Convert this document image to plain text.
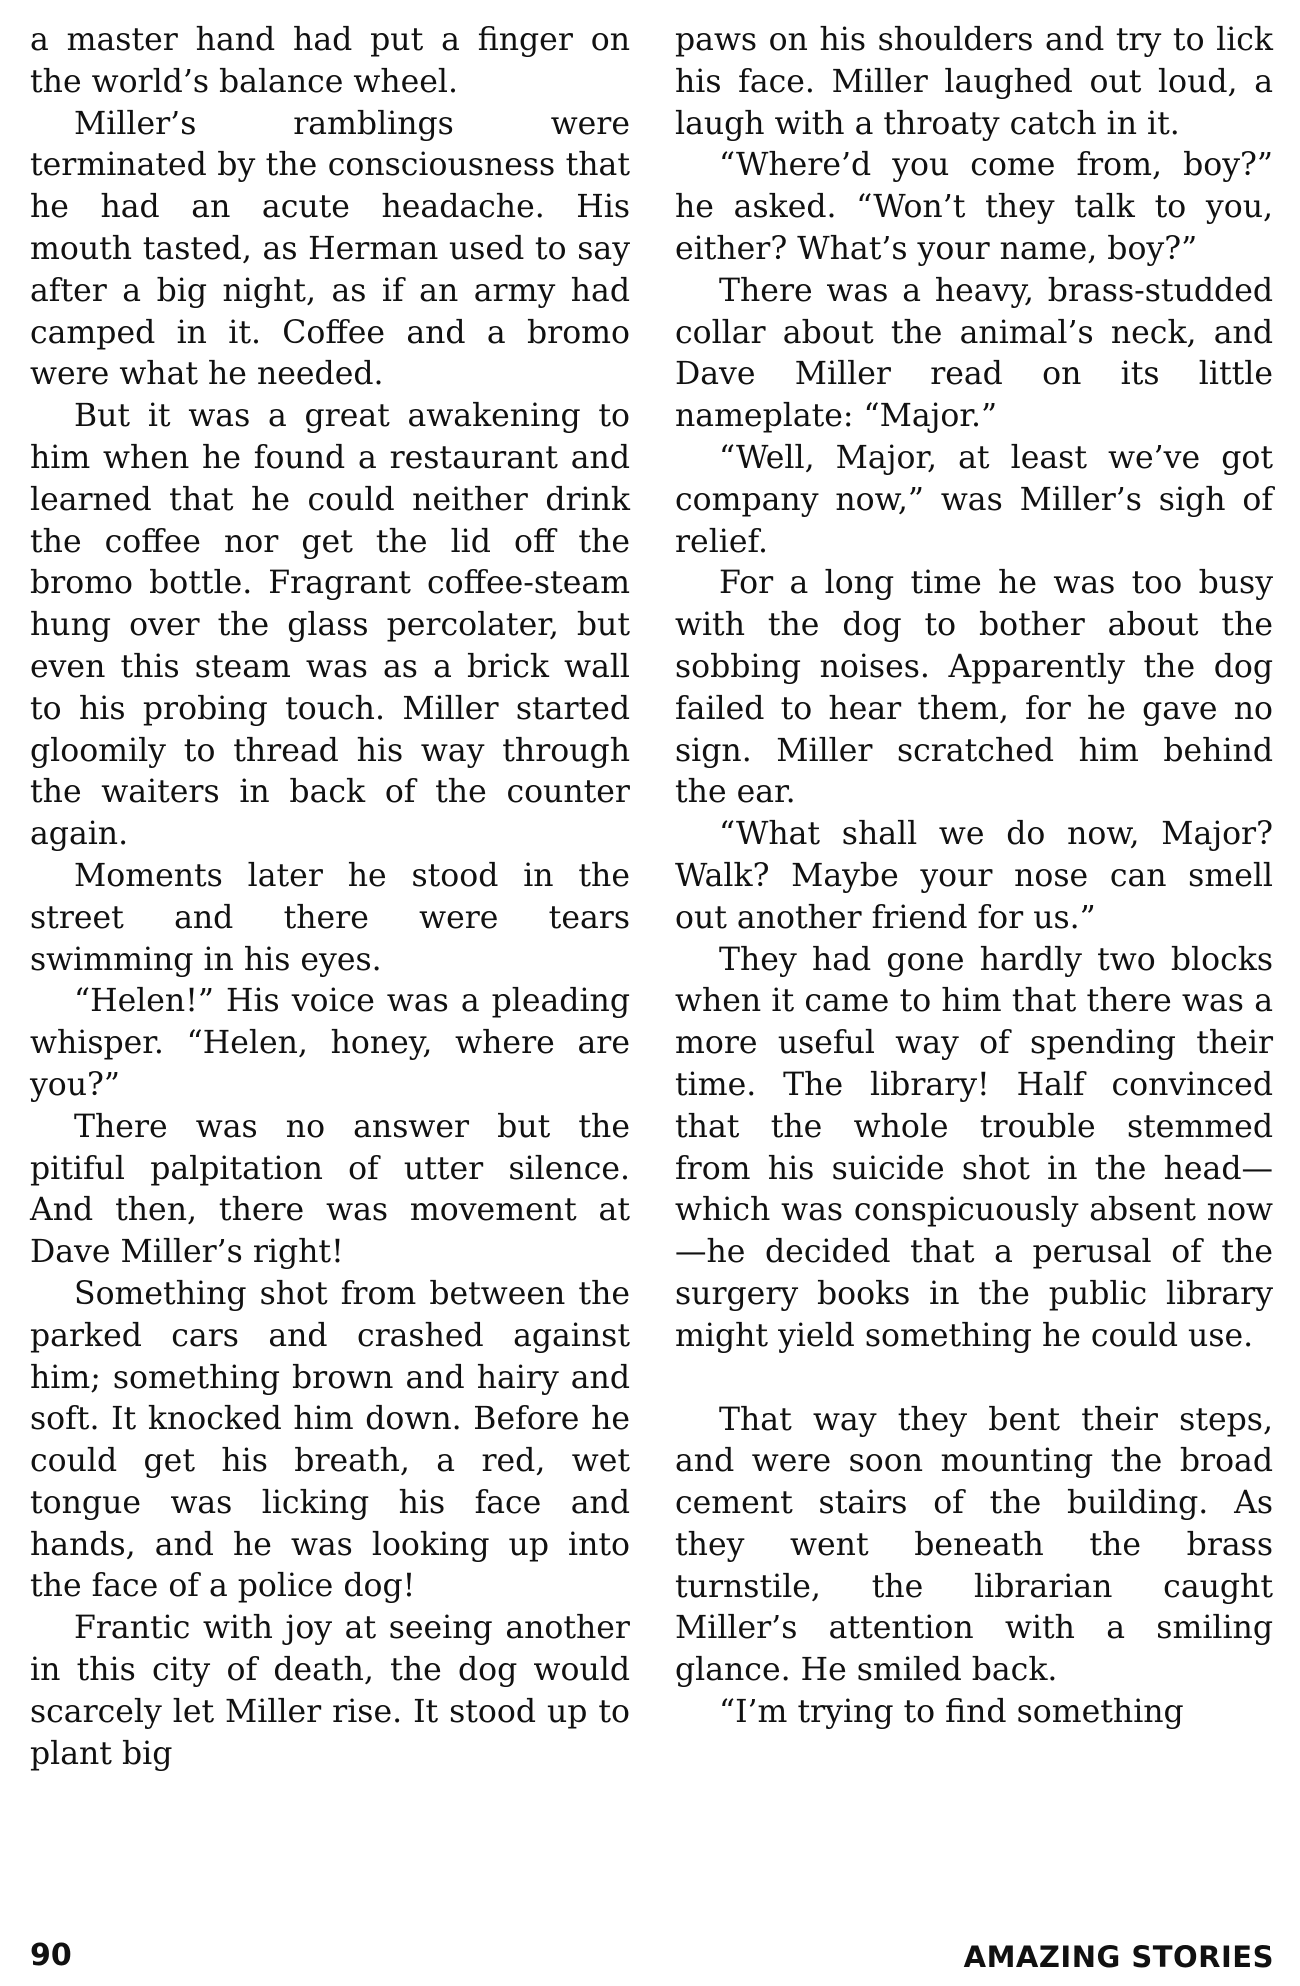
a master hand had put a finger on the world’s balance wheel.

Miller’s ramblings were terminated by the consciousness that he had an acute headache. His mouth tasted, as Herman used to say after a big night, as if an army had camped in it. Coffee and a bromo were what he needed.

But it was a great awakening to him when he found a restaurant and learned that he could neither drink the coffee nor get the lid off the bromo bottle. Fragrant coffee-steam hung over the glass percolater, but even this steam was as a brick wall to his probing touch. Miller started gloomily to thread his way through the waiters in back of the counter again.

Moments later he stood in the street and there were tears swimming in his eyes.

“Helen!” His voice was a pleading whisper. “Helen, honey, where are you?”

There was no answer but the pitiful palpitation of utter silence. And then, there was movement at Dave Miller’s right!

Something shot from between the parked cars and crashed against him; something brown and hairy and soft. It knocked him down. Before he could get his breath, a red, wet tongue was licking his face and hands, and he was looking up into the face of a police dog!

Frantic with joy at seeing another in this city of death, the dog would scarcely let Miller rise. It stood up to plant big

paws on his shoulders and try to lick his face. Miller laughed out loud, a laugh with a throaty catch in it.

“Where’d you come from, boy?” he asked. “Won’t they talk to you, either? What’s your name, boy?”

There was a heavy, brass-studded collar about the animal’s neck, and Dave Miller read on its little nameplate: “Major.”

“Well, Major, at least we’ve got company now,” was Miller’s sigh of relief.

For a long time he was too busy with the dog to bother about the sobbing noises. Apparently the dog failed to hear them, for he gave no sign. Miller scratched him behind the ear.

“What shall we do now, Major? Walk? Maybe your nose can smell out another friend for us.”

They had gone hardly two blocks when it came to him that there was a more useful way of spending their time. The library! Half convinced that the whole trouble stemmed from his suicide shot in the head—which was conspicuously absent now—he decided that a perusal of the surgery books in the public library might yield something he could use.

That way they bent their steps, and were soon mounting the broad cement stairs of the building. As they went beneath the brass turnstile, the librarian caught Miller’s attention with a smiling glance. He smiled back.

“I’m trying to find something

90	AMAZING STORIES
